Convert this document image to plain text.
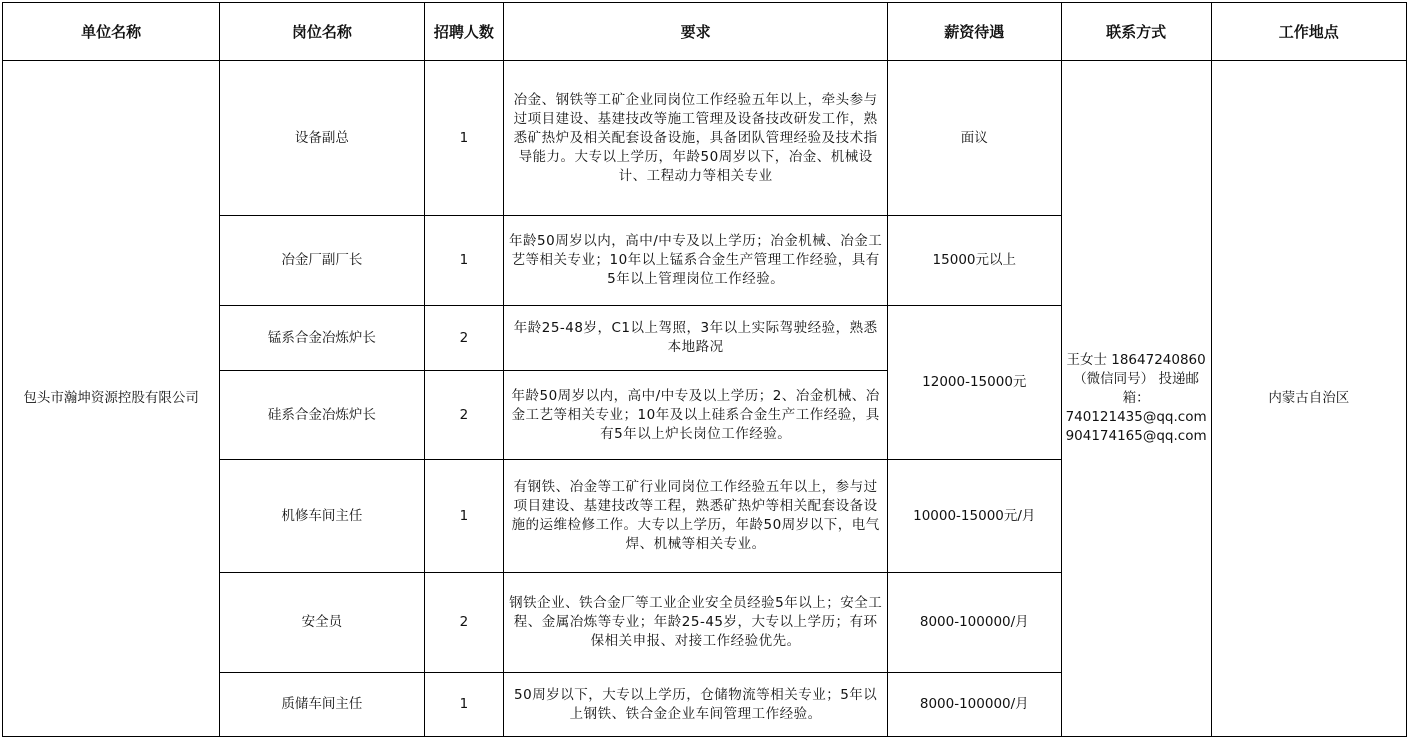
单位名称	岗位名称	招聘人数	要求	薪资待遇	联系方式	工作地点
包头市瀚坤资源控股有限公司	设备副总	1	冶金、钢铁等工矿企业同岗位工作经验五年以上，牵头参与过项目建设、基建技改等施工管理及设备技改研发工作，熟悉矿热炉及相关配套设备设施，具备团队管理经验及技术指导能力。大专以上学历，年龄50周岁以下，冶金、机械设计、工程动力等相关专业	面议	王女士 18647240860 （微信同号） 投递邮箱： 740121435@qq.com 904174165@qq.com	内蒙古自治区
	冶金厂副厂长	1	年龄50周岁以内，高中/中专及以上学历；冶金机械、冶金工艺等相关专业；10年以上锰系合金生产管理工作经验，具有5年以上管理岗位工作经验。	15000元以上		
	锰系合金冶炼炉长	2	年龄25-48岁，C1以上驾照，3年以上实际驾驶经验，熟悉本地路况	12000-15000元		
	硅系合金冶炼炉长	2	年龄50周岁以内，高中/中专及以上学历；2、冶金机械、冶金工艺等相关专业；10年及以上硅系合金生产工作经验，具有5年以上炉长岗位工作经验。			
	机修车间主任	1	有钢铁、冶金等工矿行业同岗位工作经验五年以上，参与过项目建设、基建技改等工程，熟悉矿热炉等相关配套设备设施的运维检修工作。大专以上学历，年龄50周岁以下，电气焊、机械等相关专业。	10000-15000元/月		
	安全员	2	钢铁企业、铁合金厂等工业企业安全员经验5年以上；安全工程、金属冶炼等专业；年龄25-45岁，大专以上学历；有环保相关申报、对接工作经验优先。	8000-100000/月		
	质储车间主任	1	50周岁以下，大专以上学历，仓储物流等相关专业；5年以上钢铁、铁合金企业车间管理工作经验。	8000-100000/月		
